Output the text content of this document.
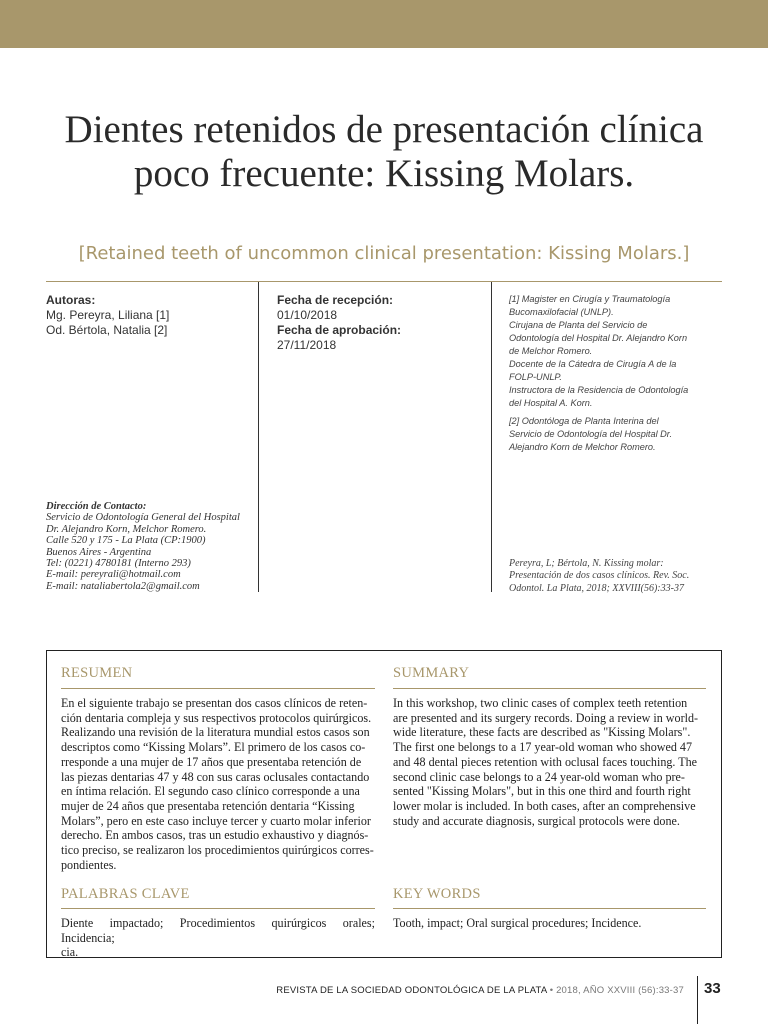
Dientes retenidos de presentación clínica
poco frecuente: Kissing Molars.
[Retained teeth of uncommon clinical presentation: Kissing Molars.]
Autoras:
Mg. Pereyra, Liliana [1]
Od. Bértola, Natalia [2]
Fecha de recepción:
01/10/2018
Fecha de aprobación:
27/11/2018

[1] Magister en Cirugía y Traumatología
Bucomaxilofacial (UNLP).
Cirujana de Planta del Servicio de
Odontología del Hospital Dr. Alejandro Korn
de Melchor Romero.
Docente de la Cátedra de Cirugía A de la
FOLP-UNLP.
Instructora de la Residencia de Odontología
del Hospital A. Korn.

[2] Odontóloga de Planta Interina del
Servicio de Odontología del Hospital Dr.
Alejandro Korn de Melchor Romero.

Dirección de Contacto:
Servicio de Odontología General del Hospital
Dr. Alejandro Korn, Melchor Romero.
Calle 520 y 175 - La Plata (CP:1900)
Buenos Aires - Argentina
Tel: (0221) 4780181 (Interno 293)
E-mail: pereyrali@hotmail.com
E-mail: nataliabertola2@gmail.com
Pereyra, L; Bértola, N. Kissing molar:
Presentación de dos casos clínicos. Rev. Soc.
Odontol. La Plata, 2018; XXVIII(56):33-37
RESUMEN
En el siguiente trabajo se presentan dos casos clínicos de reten-
ción dentaria compleja y sus respectivos protocolos quirúrgicos.
Realizando una revisión de la literatura mundial estos casos son
descriptos como “Kissing Molars”. El primero de los casos co-
rresponde a una mujer de 17 años que presentaba retención de
las piezas dentarias 47 y 48 con sus caras oclusales contactando
en íntima relación. El segundo caso clínico corresponde a una
mujer de 24 años que presentaba retención dentaria “Kissing
Molars”, pero en este caso incluye tercer y cuarto molar inferior
derecho. En ambos casos, tras un estudio exhaustivo y diagnós-
tico preciso, se realizaron los procedimientos quirúrgicos corres-
pondientes.
SUMMARY
In this workshop, two clinic cases of complex teeth retention
are presented and its surgery records. Doing a review in world-
wide literature, these facts are described as "Kissing Molars".
The first one belongs to a 17 year-old woman who showed 47
and 48 dental pieces retention with oclusal faces touching. The
second clinic case belongs to a 24 year-old woman who pre-
sented "Kissing Molars", but in this one third and fourth right
lower molar is included. In both cases, after an comprehensive
study and accurate diagnosis, surgical protocols were done.
PALABRAS CLAVE
Diente impactado; Procedimientos quirúrgicos orales; Incidencia;
cia.
KEY WORDS
Tooth, impact; Oral surgical procedures; Incidence.
REVISTA DE LA SOCIEDAD ODONTOLÓGICA DE LA PLATA • 2018, AÑO XXVIII (56):33-37 33
